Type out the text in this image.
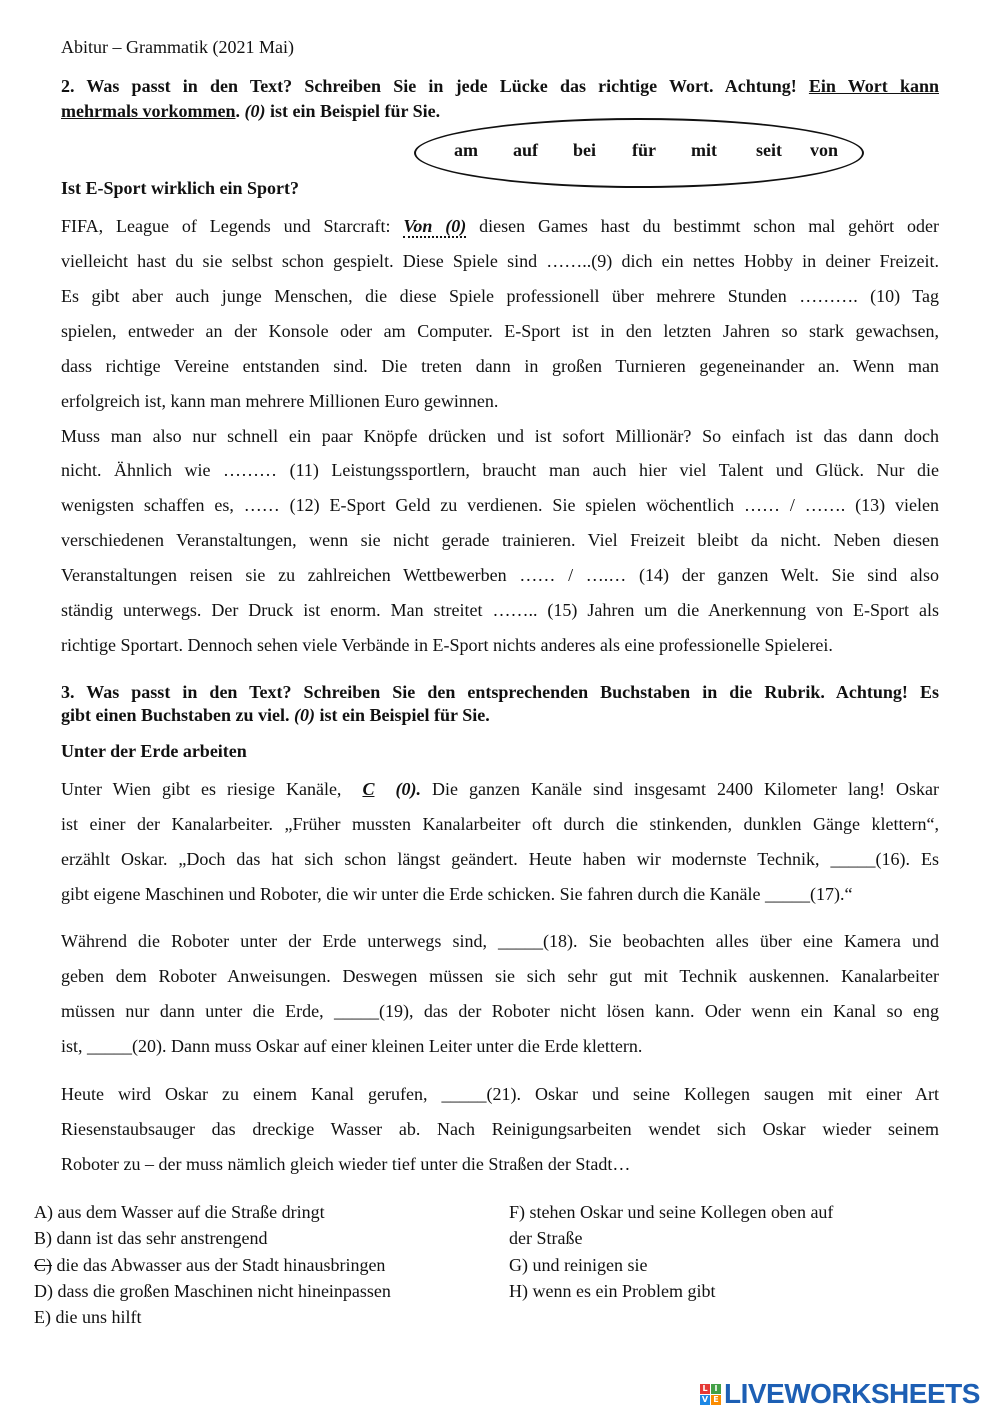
Abitur – Grammatik (2021 Mai)
2. Was passt in den Text? Schreiben Sie in jede Lücke das richtige Wort. Achtung! Ein Wort kann
mehrmals vorkommen. (0) ist ein Beispiel für Sie.
am auf bei für mit seit von
Ist E-Sport wirklich ein Sport?
FIFA, League of Legends und Starcraft: Von (0) diesen Games hast du bestimmt schon mal gehört oder
vielleicht hast du sie selbst schon gespielt. Diese Spiele sind ……..(9) dich ein nettes Hobby in deiner Freizeit.
Es gibt aber auch junge Menschen, die diese Spiele professionell über mehrere Stunden ………. (10) Tag
spielen, entweder an der Konsole oder am Computer. E-Sport ist in den letzten Jahren so stark gewachsen,
dass richtige Vereine entstanden sind. Die treten dann in großen Turnieren gegeneinander an. Wenn man
erfolgreich ist, kann man mehrere Millionen Euro gewinnen.
Muss man also nur schnell ein paar Knöpfe drücken und ist sofort Millionär? So einfach ist das dann doch
nicht. Ähnlich wie ……… (11) Leistungssportlern, braucht man auch hier viel Talent und Glück. Nur die
wenigsten schaffen es, …… (12) E-Sport Geld zu verdienen. Sie spielen wöchentlich …… / ……. (13) vielen
verschiedenen Veranstaltungen, wenn sie nicht gerade trainieren. Viel Freizeit bleibt da nicht. Neben diesen
Veranstaltungen reisen sie zu zahlreichen Wettbewerben …… / ….… (14) der ganzen Welt. Sie sind also
ständig unterwegs. Der Druck ist enorm. Man streitet …….. (15) Jahren um die Anerkennung von E-Sport als
richtige Sportart. Dennoch sehen viele Verbände in E-Sport nichts anderes als eine professionelle Spielerei.
3. Was passt in den Text? Schreiben Sie den entsprechenden Buchstaben in die Rubrik. Achtung! Es
gibt einen Buchstaben zu viel. (0) ist ein Beispiel für Sie.
Unter der Erde arbeiten
Unter Wien gibt es riesige Kanäle, C (0). Die ganzen Kanäle sind insgesamt 2400 Kilometer lang! Oskar
ist einer der Kanalarbeiter. „Früher mussten Kanalarbeiter oft durch die stinkenden, dunklen Gänge klettern“,
erzählt Oskar. „Doch das hat sich schon längst geändert. Heute haben wir modernste Technik, _____(16). Es
gibt eigene Maschinen und Roboter, die wir unter die Erde schicken. Sie fahren durch die Kanäle _____(17).“
Während die Roboter unter der Erde unterwegs sind, _____(18). Sie beobachten alles über eine Kamera und
geben dem Roboter Anweisungen. Deswegen müssen sie sich sehr gut mit Technik auskennen. Kanalarbeiter
müssen nur dann unter die Erde, _____(19), das der Roboter nicht lösen kann. Oder wenn ein Kanal so eng
ist, _____(20). Dann muss Oskar auf einer kleinen Leiter unter die Erde klettern.
Heute wird Oskar zu einem Kanal gerufen, _____(21). Oskar und seine Kollegen saugen mit einer Art
Riesenstaubsauger das dreckige Wasser ab. Nach Reinigungsarbeiten wendet sich Oskar wieder seinem
Roboter zu – der muss nämlich gleich wieder tief unter die Straßen der Stadt…
A) aus dem Wasser auf die Straße dringt
B) dann ist das sehr anstrengend
C) die das Abwasser aus der Stadt hinausbringen
D) dass die großen Maschinen nicht hineinpassen
E) die uns hilft
F) stehen Oskar und seine Kollegen oben auf
der Straße
G) und reinigen sie
H) wenn es ein Problem gibt
L I
V E LIVEWORKSHEETS
